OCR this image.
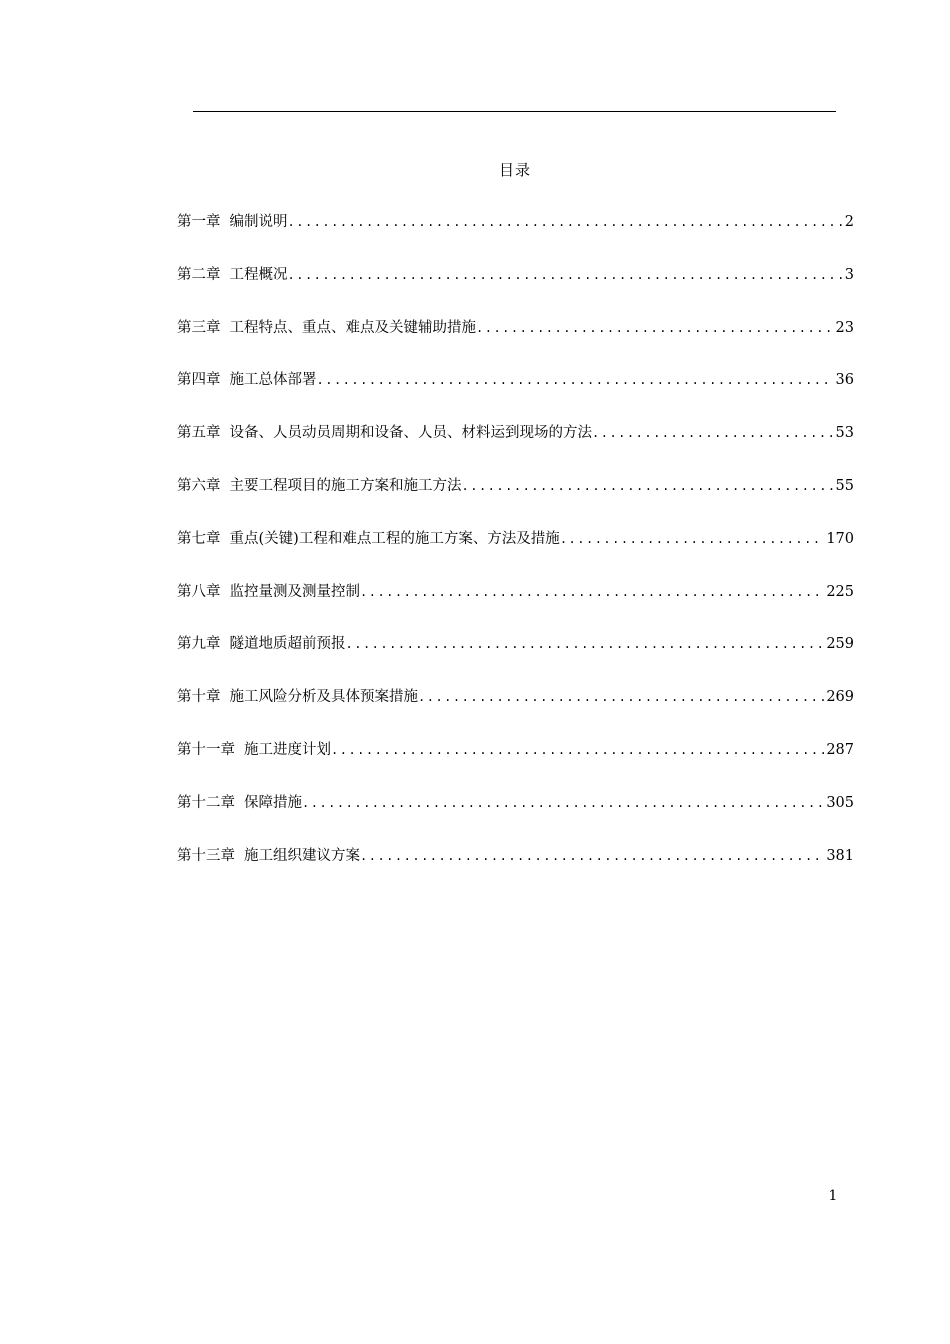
目录
第一章 编制说明 .....	2
第二章 工程概况 .....	3
第三章 工程特点、重点、难点及关键辅助措施 .....	23
第四章 施工总体部署 .....	36
第五章 设备、人员动员周期和设备、人员、材料运到现场的方法 .....	53
第六章 主要工程项目的施工方案和施工方法 .....	55
第七章 重点(关键)工程和难点工程的施工方案、方法及措施 .....	170
第八章 监控量测及测量控制 .....	225
第九章 隧道地质超前预报 .....	259
第十章 施工风险分析及具体预案措施 .....	269
第十一章 施工进度计划 .....	287
第十二章 保障措施 .....	305
第十三章 施工组织建议方案 .....	381
1
